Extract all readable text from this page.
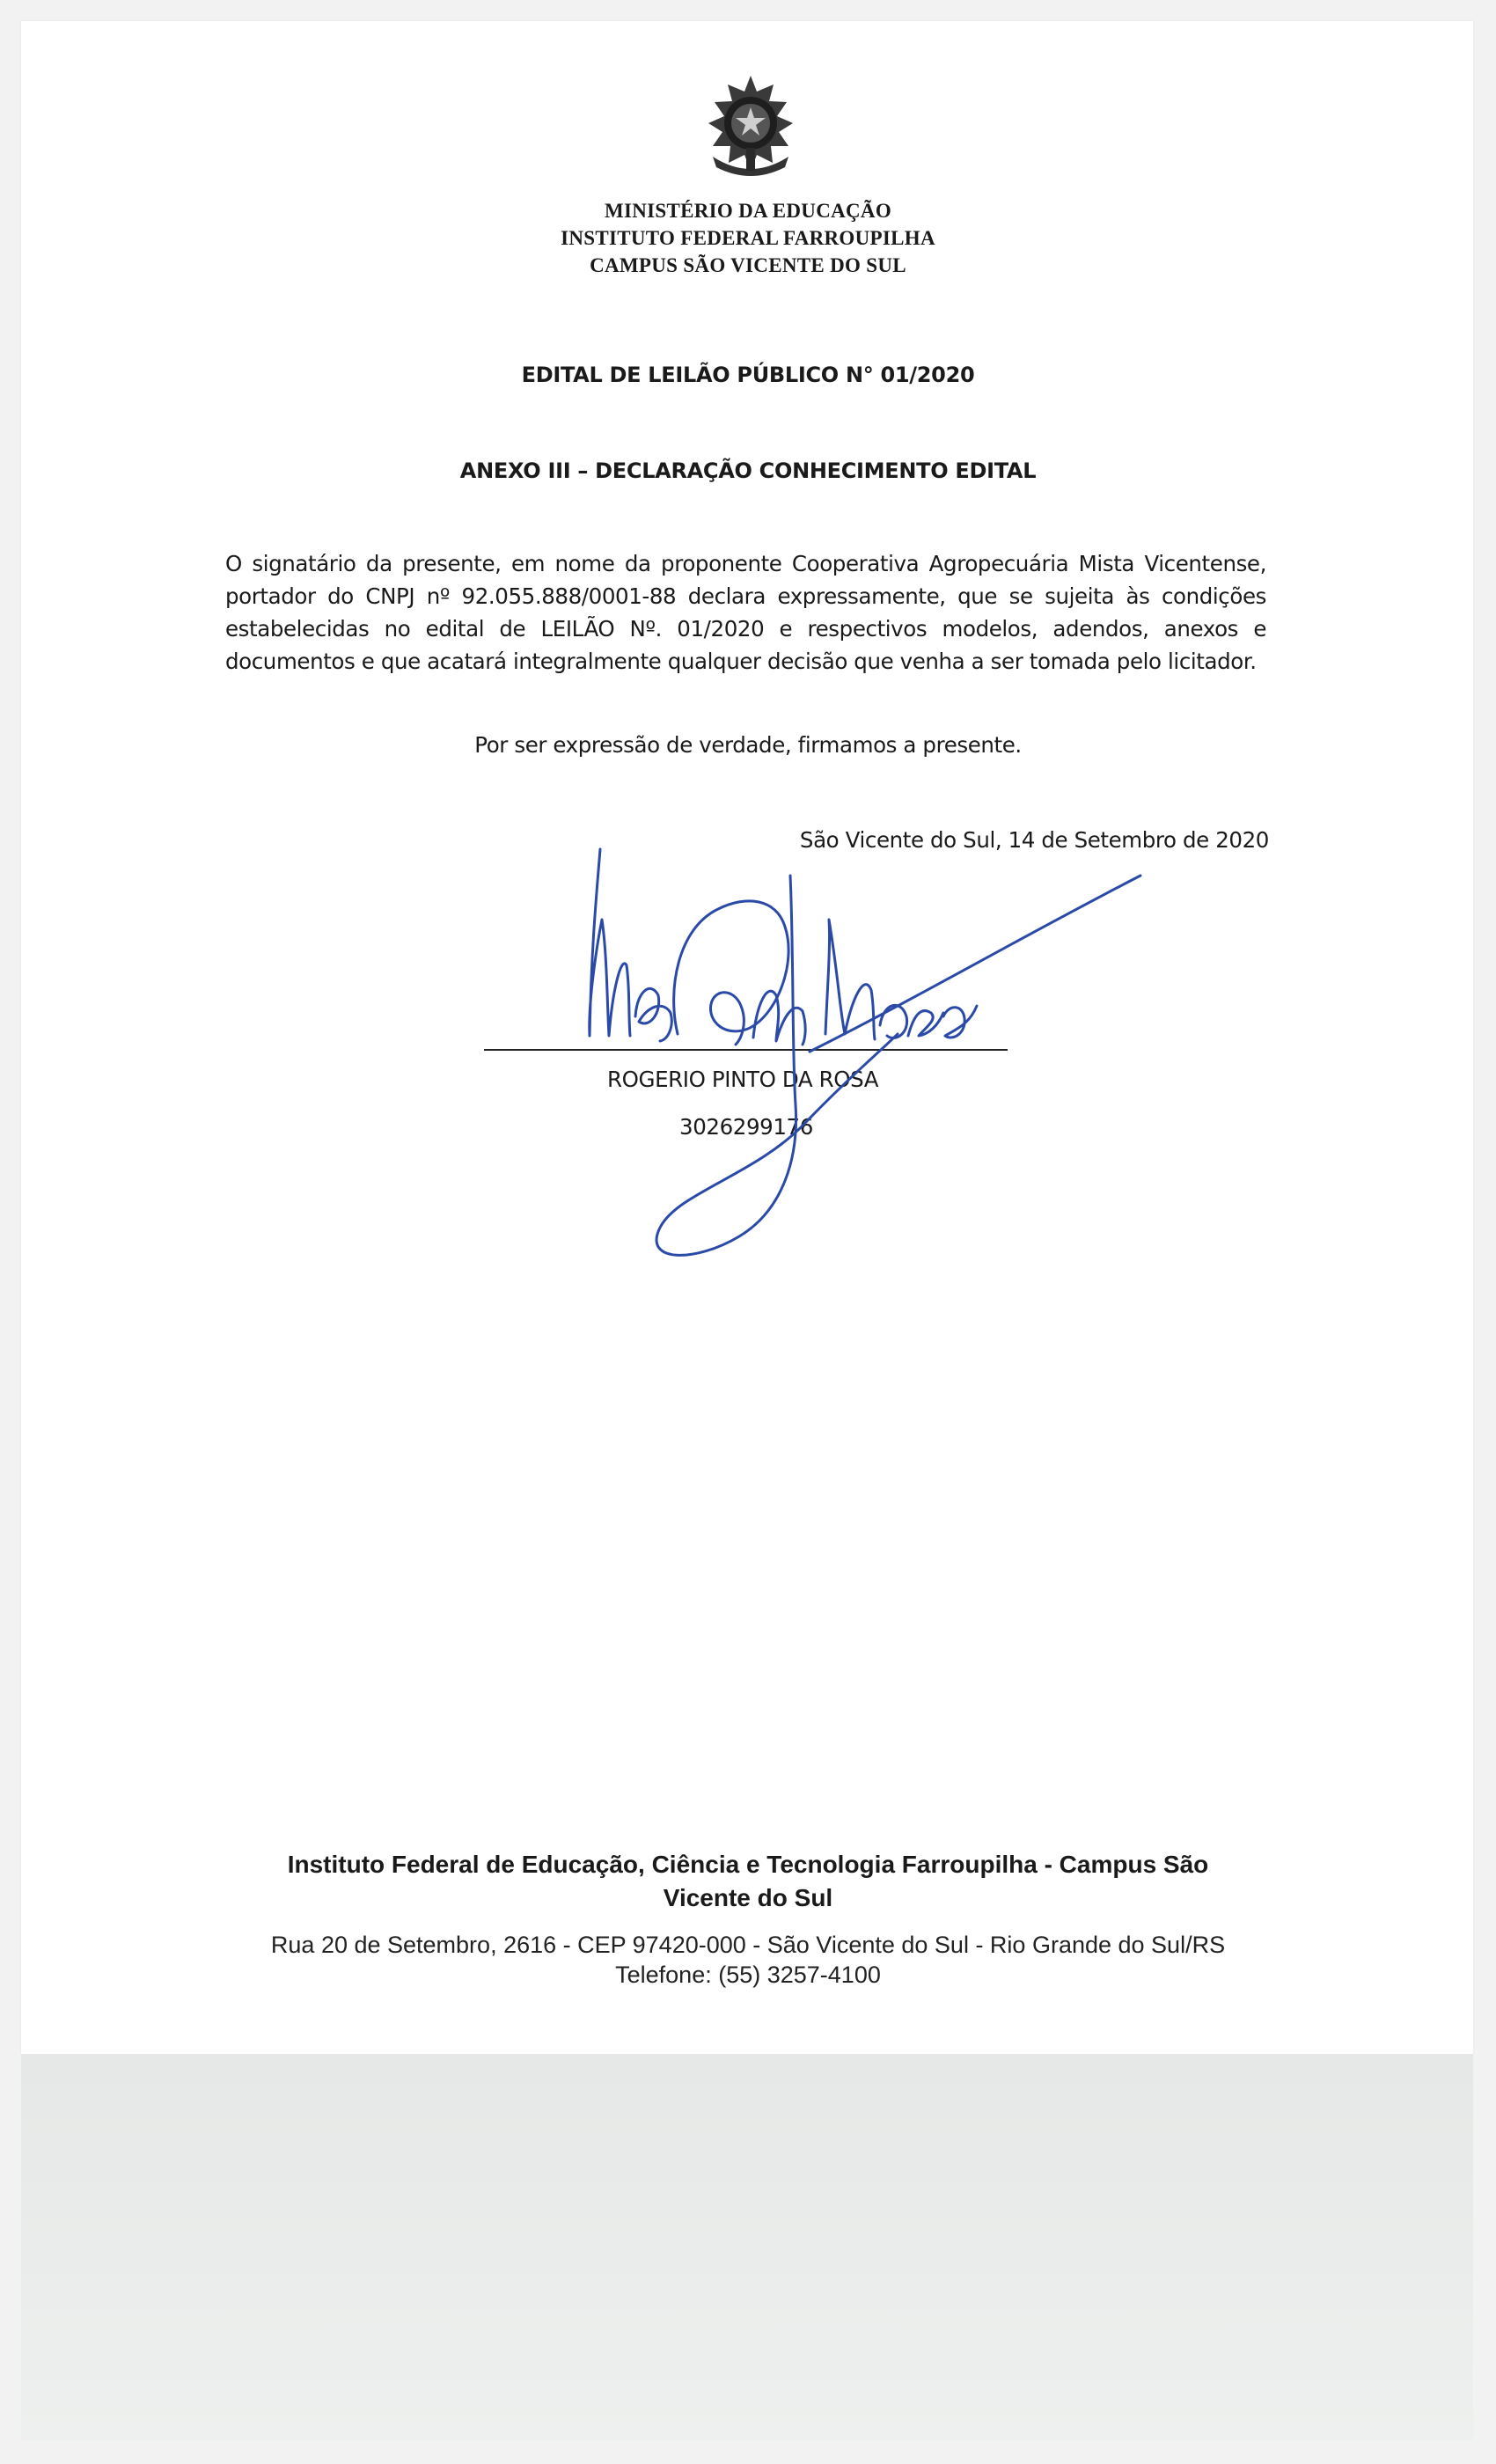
MINISTÉRIO DA EDUCAÇÃO
INSTITUTO FEDERAL FARROUPILHA
CAMPUS SÃO VICENTE DO SUL
EDITAL DE LEILÃO PÚBLICO N° 01/2020
ANEXO III – DECLARAÇÃO CONHECIMENTO EDITAL
O signatário da presente, em nome da proponente Cooperativa Agropecuária Mista Vicentense, portador do CNPJ nº 92.055.888/0001-88 declara expressamente, que se sujeita às condições estabelecidas no edital de LEILÃO Nº. 01/2020 e respectivos modelos, adendos, anexos e documentos e que acatará integralmente qualquer decisão que venha a ser tomada pelo licitador.
Por ser expressão de verdade, firmamos a presente.
São Vicente do Sul, 14 de Setembro de 2020
ROGERIO PINTO DA ROSA
3026299176
Instituto Federal de Educação, Ciência e Tecnologia Farroupilha - Campus São
Vicente do Sul
Rua 20 de Setembro, 2616 - CEP 97420-000 - São Vicente do Sul - Rio Grande do Sul/RS
Telefone: (55) 3257-4100
